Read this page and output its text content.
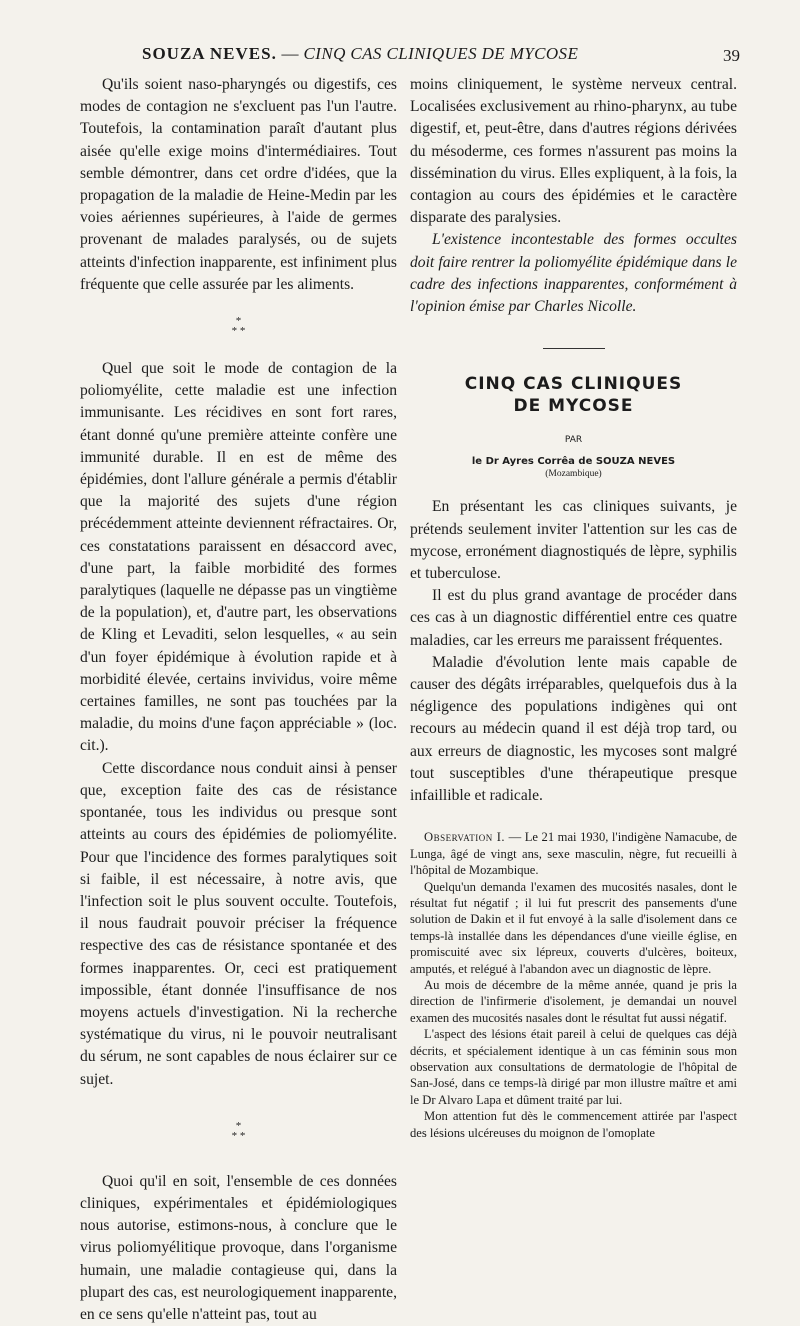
SOUZA NEVES. — CINQ CAS CLINIQUES DE MYCOSE	39

Qu'ils soient naso-pharyngés ou digestifs, ces modes de contagion ne s'excluent pas l'un l'autre. Toutefois, la contamination paraît d'autant plus aisée qu'elle exige moins d'intermédiaires. Tout semble démontrer, dans cet ordre d'idées, que la propagation de la maladie de Heine-Medin par les voies aériennes supérieures, à l'aide de germes provenant de malades paralysés, ou de sujets atteints d'infection inapparente, est infiniment plus fréquente que celle assurée par les aliments.

*
* *

Quel que soit le mode de contagion de la poliomyélite, cette maladie est une infection immunisante. Les récidives en sont fort rares, étant donné qu'une première atteinte confère une immunité durable. Il en est de même des épidémies, dont l'allure générale a permis d'établir que la majorité des sujets d'une région précédemment atteinte deviennent réfractaires. Or, ces constatations paraissent en désaccord avec, d'une part, la faible morbidité des formes paralytiques (laquelle ne dépasse pas un vingtième de la population), et, d'autre part, les observations de Kling et Levaditi, selon lesquelles, « au sein d'un foyer épidémique à évolution rapide et à morbidité élevée, certains invividus, voire même certaines familles, ne sont pas touchées par la maladie, du moins d'une façon appréciable » (loc. cit.).

Cette discordance nous conduit ainsi à penser que, exception faite des cas de résistance spontanée, tous les individus ou presque sont atteints au cours des épidémies de poliomyélite. Pour que l'incidence des formes paralytiques soit si faible, il est nécessaire, à notre avis, que l'infection soit le plus souvent occulte. Toutefois, il nous faudrait pouvoir préciser la fréquence respective des cas de résistance spontanée et des formes inapparentes. Or, ceci est pratiquement impossible, étant donnée l'insuffisance de nos moyens actuels d'investigation. Ni la recherche systématique du virus, ni le pouvoir neutralisant du sérum, ne sont capables de nous éclairer sur ce sujet.

*
* *

Quoi qu'il en soit, l'ensemble de ces données cliniques, expérimentales et épidémiologiques nous autorise, estimons-nous, à conclure que le virus poliomyélitique provoque, dans l'organisme humain, une maladie contagieuse qui, dans la plupart des cas, est neurologiquement inapparente, en ce sens qu'elle n'atteint pas, tout au

moins cliniquement, le système nerveux central. Localisées exclusivement au rhino-pharynx, au tube digestif, et, peut-être, dans d'autres régions dérivées du mésoderme, ces formes n'assurent pas moins la dissémination du virus. Elles expliquent, à la fois, la contagion au cours des épidémies et le caractère disparate des paralysies.

L'existence incontestable des formes occultes doit faire rentrer la poliomyélite épidémique dans le cadre des infections inapparentes, conformément à l'opinion émise par Charles Nicolle.

CINQ CAS CLINIQUES
DE MYCOSE
PAR
le Dr Ayres Corrêa de SOUZA NEVES
(Mozambique)

En présentant les cas cliniques suivants, je prétends seulement inviter l'attention sur les cas de mycose, erronément diagnostiqués de lèpre, syphilis et tuberculose.

Il est du plus grand avantage de procéder dans ces cas à un diagnostic différentiel entre ces quatre maladies, car les erreurs me paraissent fréquentes.

Maladie d'évolution lente mais capable de causer des dégâts irréparables, quelquefois dus à la négligence des populations indigènes qui ont recours au médecin quand il est déjà trop tard, ou aux erreurs de diagnostic, les mycoses sont malgré tout susceptibles d'une thérapeutique presque infaillible et radicale.

Observation I. — Le 21 mai 1930, l'indigène Namacube, de Lunga, âgé de vingt ans, sexe masculin, nègre, fut recueilli à l'hôpital de Mozambique.

Quelqu'un demanda l'examen des mucosités nasales, dont le résultat fut négatif ; il lui fut prescrit des pansements d'une solution de Dakin et il fut envoyé à la salle d'isolement dans ce temps-là installée dans les dépendances d'une vieille église, en promiscuité avec six lépreux, couverts d'ulcères, boiteux, amputés, et relégué à l'abandon avec un diagnostic de lèpre.

Au mois de décembre de la même année, quand je pris la direction de l'infirmerie d'isolement, je demandai un nouvel examen des mucosités nasales dont le résultat fut aussi négatif.

L'aspect des lésions était pareil à celui de quelques cas déjà décrits, et spécialement identique à un cas féminin sous mon observation aux consultations de dermatologie de l'hôpital de San-José, dans ce temps-là dirigé par mon illustre maître et ami le Dr Alvaro Lapa et dûment traité par lui.

Mon attention fut dès le commencement attirée par l'aspect des lésions ulcéreuses du moignon de l'omoplate
